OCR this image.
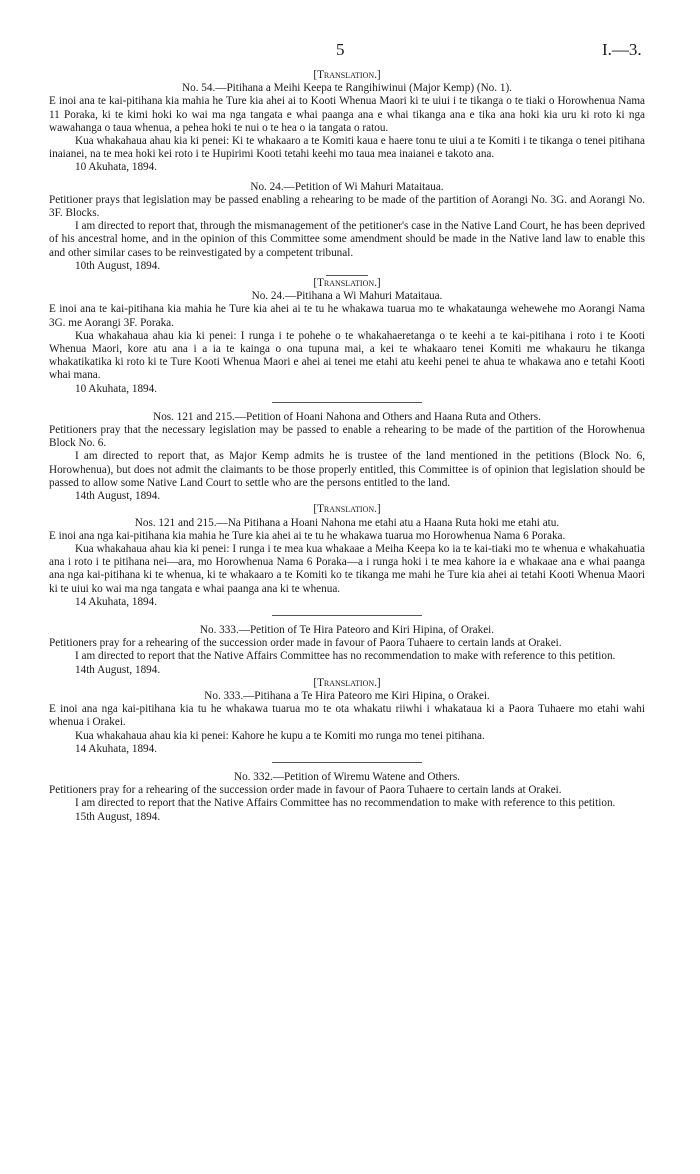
5	I.—3.

[Translation.]

No. 54.—Pitihana a Meihi Keepa te Rangihiwinui (Major Kemp) (No. 1).

E inoi ana te kai-pitihana kia mahia he Ture kia ahei ai to Kooti Whenua Maori ki te uiui i te tikanga o te tiaki o Horowhenua Nama 11 Poraka, ki te kimi hoki ko wai ma nga tangata e whai paanga ana e whai tikanga ana e tika ana hoki kia uru ki roto ki nga wawahanga o taua whenua, a pehea hoki te nui o te hea o ia tangata o ratou.

Kua whakahaua ahau kia ki penei: Ki te whakaaro a te Komiti kaua e haere tonu te uiui a te Komiti i te tikanga o tenei pitihana inaianei, na te mea hoki kei roto i te Hupirimi Kooti tetahi keehi mo taua mea inaianei e takoto ana.

10 Akuhata, 1894.

No. 24.—Petition of Wi Mahuri Mataitaua.

Petitioner prays that legislation may be passed enabling a rehearing to be made of the partition of Aorangi No. 3G. and Aorangi No. 3F. Blocks.

I am directed to report that, through the mismanagement of the petitioner's case in the Native Land Court, he has been deprived of his ancestral home, and in the opinion of this Committee some amendment should be made in the Native land law to enable this and other similar cases to be reinvestigated by a competent tribunal.

10th August, 1894.

[Translation.]

No. 24.—Pitihana a Wi Mahuri Mataitaua.

E inoi ana te kai-pitihana kia mahia he Ture kia ahei ai te tu he whakawa tuarua mo te whakataunga wehewehe mo Aorangi Nama 3G. me Aorangi 3F. Poraka.

Kua whakahaua ahau kia ki penei: I runga i te pohehe o te whakahaeretanga o te keehi a te kai-pitihana i roto i te Kooti Whenua Maori, kore atu ana i a ia te kainga o ona tupuna mai, a kei te whakaaro tenei Komiti me whakauru he tikanga whakatikatika ki roto ki te Ture Kooti Whenua Maori e ahei ai tenei me etahi atu keehi penei te ahua te whakawa ano e tetahi Kooti whai mana.

10 Akuhata, 1894.

Nos. 121 and 215.—Petition of Hoani Nahona and Others and Haana Ruta and Others.

Petitioners pray that the necessary legislation may be passed to enable a rehearing to be made of the partition of the Horowhenua Block No. 6.

I am directed to report that, as Major Kemp admits he is trustee of the land mentioned in the petitions (Block No. 6, Horowhenua), but does not admit the claimants to be those properly entitled, this Committee is of opinion that legislation should be passed to allow some Native Land Court to settle who are the persons entitled to the land.

14th August, 1894.

[Translation.]

Nos. 121 and 215.—Na Pitihana a Hoani Nahona me etahi atu a Haana Ruta hoki me etahi atu.

E inoi ana nga kai-pitihana kia mahia he Ture kia ahei ai te tu he whakawa tuarua mo Horowhenua Nama 6 Poraka.

Kua whakahaua ahau kia ki penei: I runga i te mea kua whakaae a Meiha Keepa ko ia te kai-tiaki mo te whenua e whakahuatia ana i roto i te pitihana nei—ara, mo Horowhenua Nama 6 Poraka—a i runga hoki i te mea kahore ia e whakaae ana e whai paanga ana nga kai-pitihana ki te whenua, ki te whakaaro a te Komiti ko te tikanga me mahi he Ture kia ahei ai tetahi Kooti Whenua Maori ki te uiui ko wai ma nga tangata e whai paanga ana ki te whenua.

14 Akuhata, 1894.

No. 333.—Petition of Te Hira Pateoro and Kiri Hipina, of Orakei.

Petitioners pray for a rehearing of the succession order made in favour of Paora Tuhaere to certain lands at Orakei.

I am directed to report that the Native Affairs Committee has no recommendation to make with reference to this petition.

14th August, 1894.

[Translation.]

No. 333.—Pitihana a Te Hira Pateoro me Kiri Hipina, o Orakei.

E inoi ana nga kai-pitihana kia tu he whakawa tuarua mo te ota whakatu riiwhi i whakataua ki a Paora Tuhaere mo etahi wahi whenua i Orakei.

Kua whakahaua ahau kia ki penei: Kahore he kupu a te Komiti mo runga mo tenei pitihana.

14 Akuhata, 1894.

No. 332.—Petition of Wiremu Watene and Others.

Petitioners pray for a rehearing of the succession order made in favour of Paora Tuhaere to certain lands at Orakei.

I am directed to report that the Native Affairs Committee has no recommendation to make with reference to this petition.

15th August, 1894.
